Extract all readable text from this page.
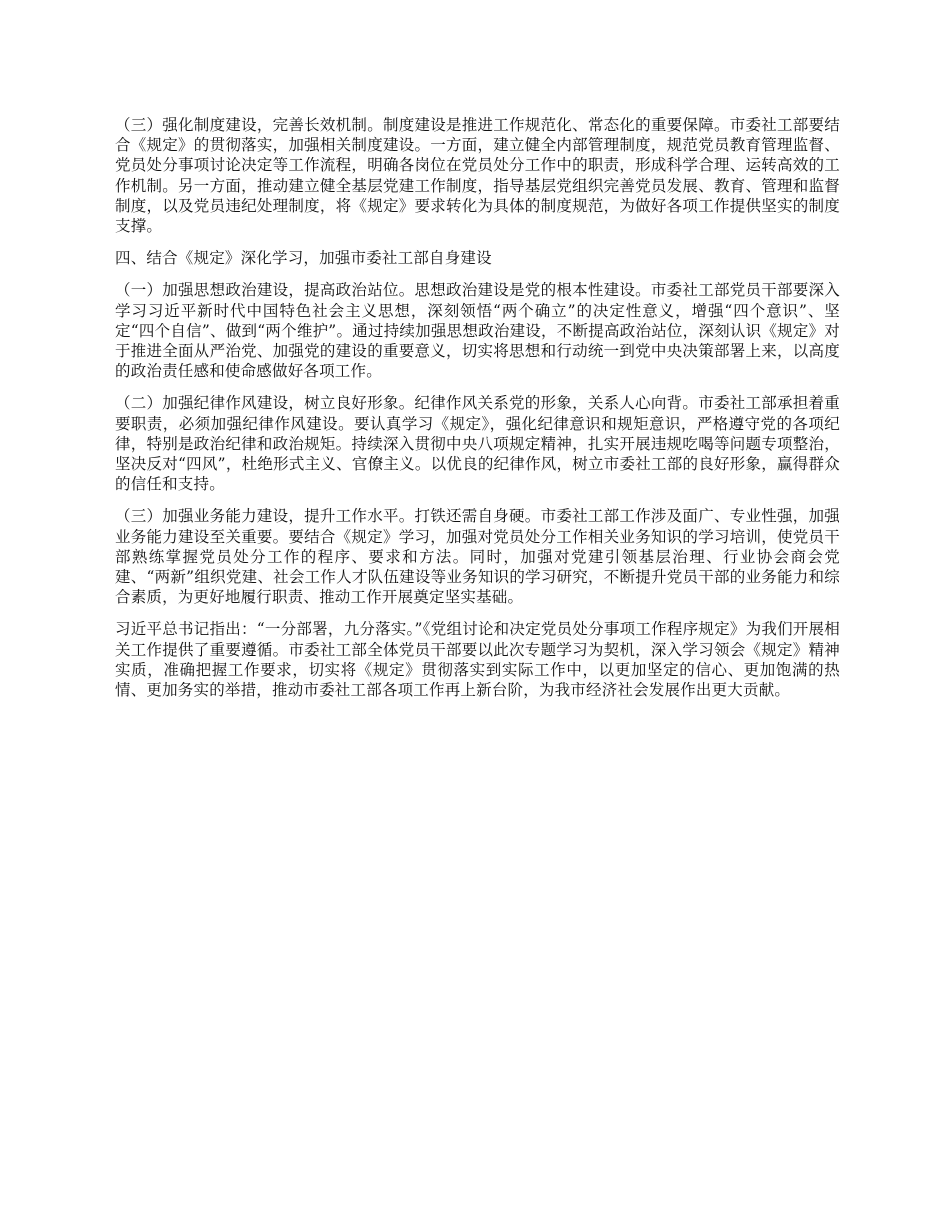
（三）强化制度建设，完善长效机制。制度建设是推进工作规范化、常态化的重要保障。市委社工部要结合《规定》的贯彻落实，加强相关制度建设。一方面，建立健全内部管理制度，规范党员教育管理监督、党员处分事项讨论决定等工作流程，明确各岗位在党员处分工作中的职责，形成科学合理、运转高效的工作机制。另一方面，推动建立健全基层党建工作制度，指导基层党组织完善党员发展、教育、管理和监督制度，以及党员违纪处理制度，将《规定》要求转化为具体的制度规范，为做好各项工作提供坚实的制度支撑。

四、结合《规定》深化学习，加强市委社工部自身建设

（一）加强思想政治建设，提高政治站位。思想政治建设是党的根本性建设。市委社工部党员干部要深入学习习近平新时代中国特色社会主义思想，深刻领悟“两个确立”的决定性意义，增强“四个意识”、坚定“四个自信”、做到“两个维护”。通过持续加强思想政治建设，不断提高政治站位，深刻认识《规定》对于推进全面从严治党、加强党的建设的重要意义，切实将思想和行动统一到党中央决策部署上来，以高度的政治责任感和使命感做好各项工作。

（二）加强纪律作风建设，树立良好形象。纪律作风关系党的形象，关系人心向背。市委社工部承担着重要职责，必须加强纪律作风建设。要认真学习《规定》，强化纪律意识和规矩意识，严格遵守党的各项纪律，特别是政治纪律和政治规矩。持续深入贯彻中央八项规定精神，扎实开展违规吃喝等问题专项整治，坚决反对“四风”，杜绝形式主义、官僚主义。以优良的纪律作风，树立市委社工部的良好形象，赢得群众的信任和支持。

（三）加强业务能力建设，提升工作水平。打铁还需自身硬。市委社工部工作涉及面广、专业性强，加强业务能力建设至关重要。要结合《规定》学习，加强对党员处分工作相关业务知识的学习培训，使党员干部熟练掌握党员处分工作的程序、要求和方法。同时，加强对党建引领基层治理、行业协会商会党建、“两新”组织党建、社会工作人才队伍建设等业务知识的学习研究，不断提升党员干部的业务能力和综合素质，为更好地履行职责、推动工作开展奠定坚实基础。

习近平总书记指出：“一分部署，九分落实。”《党组讨论和决定党员处分事项工作程序规定》为我们开展相关工作提供了重要遵循。市委社工部全体党员干部要以此次专题学习为契机，深入学习领会《规定》精神实质，准确把握工作要求，切实将《规定》贯彻落实到实际工作中，以更加坚定的信心、更加饱满的热情、更加务实的举措，推动市委社工部各项工作再上新台阶，为我市经济社会发展作出更大贡献。
